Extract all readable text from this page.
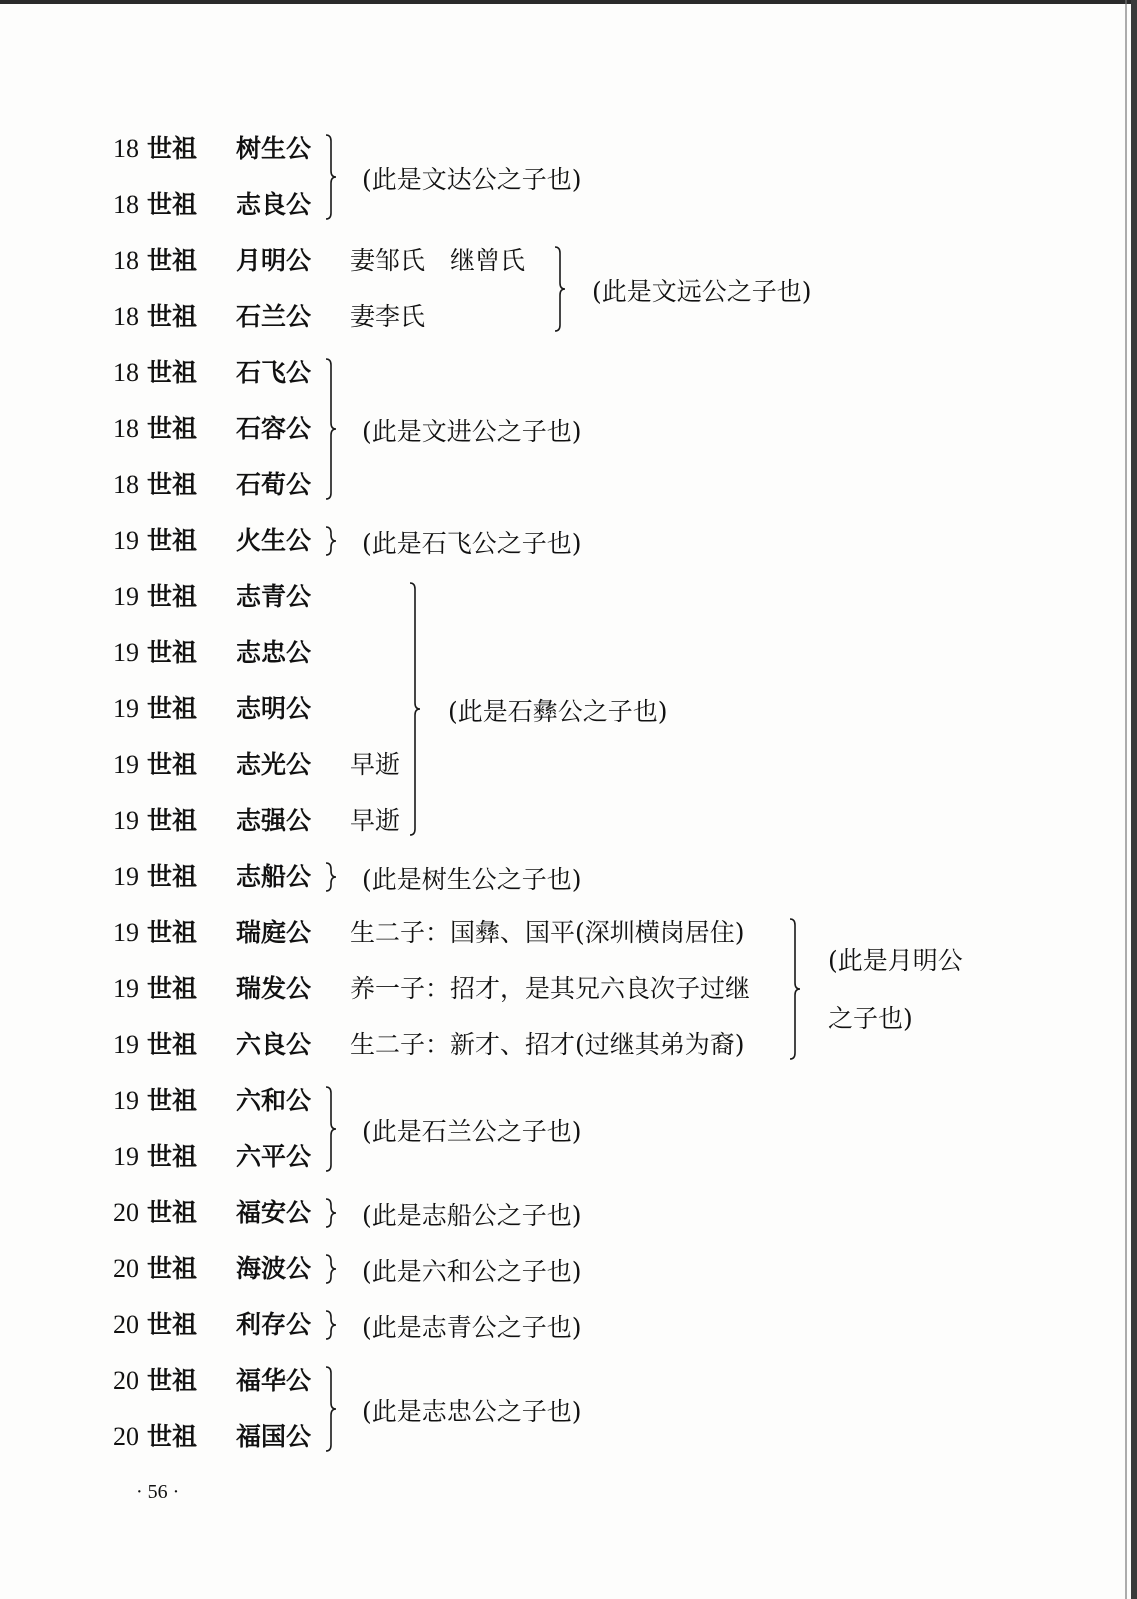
18 世祖 树生公
18 世祖 志良公
18 世祖 月明公 妻邹氏　继曾氏
18 世祖 石兰公 妻李氏
18 世祖 石飞公
18 世祖 石容公
18 世祖 石荀公
19 世祖 火生公
19 世祖 志青公
19 世祖 志忠公
19 世祖 志明公
19 世祖 志光公 早逝
19 世祖 志强公 早逝
19 世祖 志船公
19 世祖 瑞庭公 生二子：国彝、国平(深圳横岗居住)
19 世祖 瑞发公 养一子：招才，是其兄六良次子过继
19 世祖 六良公 生二子：新才、招才(过继其弟为裔)
19 世祖 六和公
19 世祖 六平公
20 世祖 福安公
20 世祖 海波公
20 世祖 利存公
20 世祖 福华公
20 世祖 福国公
(此是文达公之子也)
(此是文远公之子也)
(此是文进公之子也)
(此是石飞公之子也)
(此是石彝公之子也)
(此是树生公之子也)
(此是月明公
之子也)
(此是石兰公之子也)
(此是志船公之子也)
(此是六和公之子也)
(此是志青公之子也)
(此是志忠公之子也)
· 56 ·
